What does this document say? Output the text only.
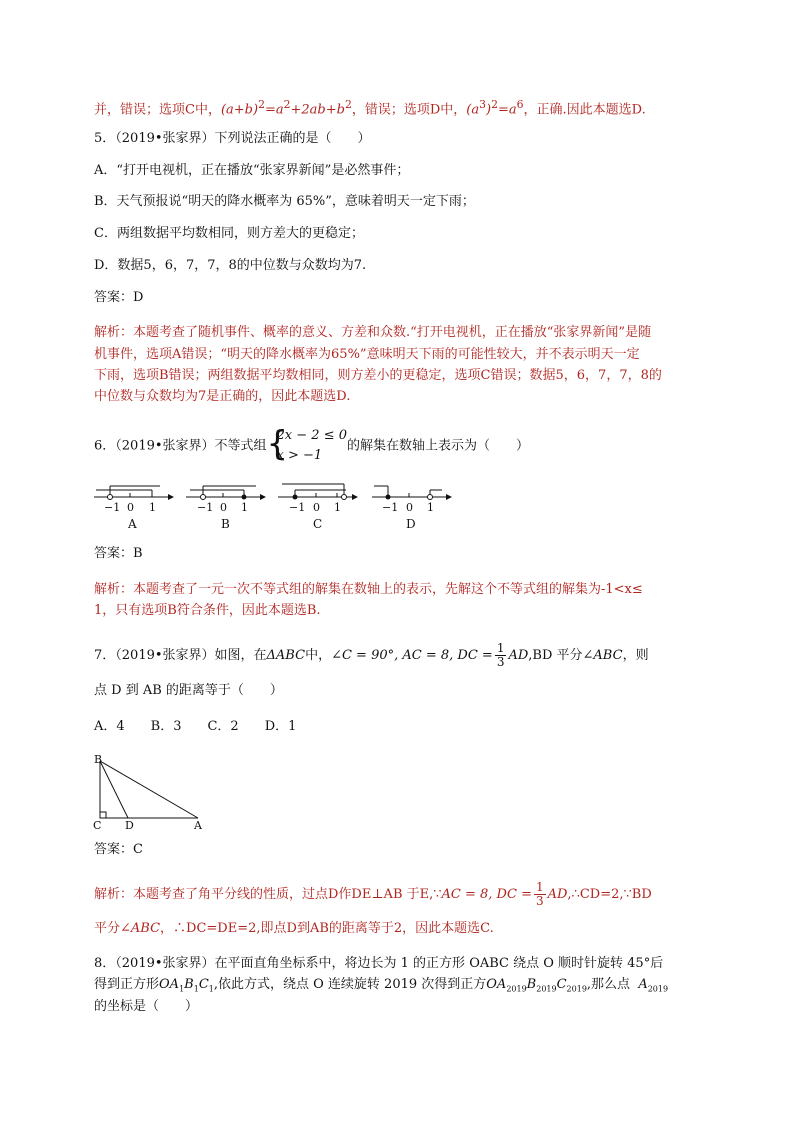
并，错误；选项C中，$(a+b)^2=a^2+2ab+b^2$，错误；选项D中，$(a^3)^2=a^6$，正确.因此本题选D.
5．（2019•张家界）下列说法正确的是（　　）
A．“打开电视机，正在播放“张家界新闻”是必然事件；
B．天气预报说“明天的降水概率为 65%”，意味着明天一定下雨；
C．两组数据平均数相同，则方差大的更稳定；
D．数据5，6，7，7，8的中位数与众数均为7.
答案：D
解析：本题考查了随机事件、概率的意义、方差和众数.“打开电视机，正在播放“张家界新闻”是随
机事件，选项A错误；“明天的降水概率为65%”意味明天下雨的可能性较大，并不表示明天一定
下雨，选项B错误；两组数据平均数相同，则方差小的更稳定，选项C错误；数据5，6，7，7，8的
中位数与众数均为7是正确的，因此本题选D.
6．（2019•张家界）不等式组 {
2x − 2 ≤ 0
x > −1
的解集在数轴上表示为（　　）
−1 0 1	−1 0 1	−1 0 1	−1 0 1
A	B	C	D
答案：B
解析：本题考查了一元一次不等式组的解集在数轴上的表示，先解这个不等式组的解集为-1<x≤
1，只有选项B符合条件，因此本题选B.
7．（2019•张家界）如图，在ΔABC中，∠C = 90°, AC = 8, DC = $\frac{1}{3} AD,BD$ 平分∠ABC，则
点 D 到 AB 的距离等于（　　）
A．4　　B．3　　C．2　　D．1
B
C D	A
答案：C
解析：本题考查了角平分线的性质，过点D作DE⊥AB 于E,∵AC = 8, DC = $\frac{1}{3}$ AD,∴CD=2,∵BD
平分∠ABC，∴DC=DE=2,即点D到AB的距离等于2，因此本题选C.
8．（2019•张家界）在平面直角坐标系中，将边长为 1 的正方形 OABC 绕点 O 顺时针旋转 45°后
得到正方形$OA_1B_1C_1$,依此方式，绕点 O 连续旋转 2019 次得到正方$OA_{2019}B_{2019}C_{2019}$,那么点 $A_{2019}$
的坐标是（　　）
